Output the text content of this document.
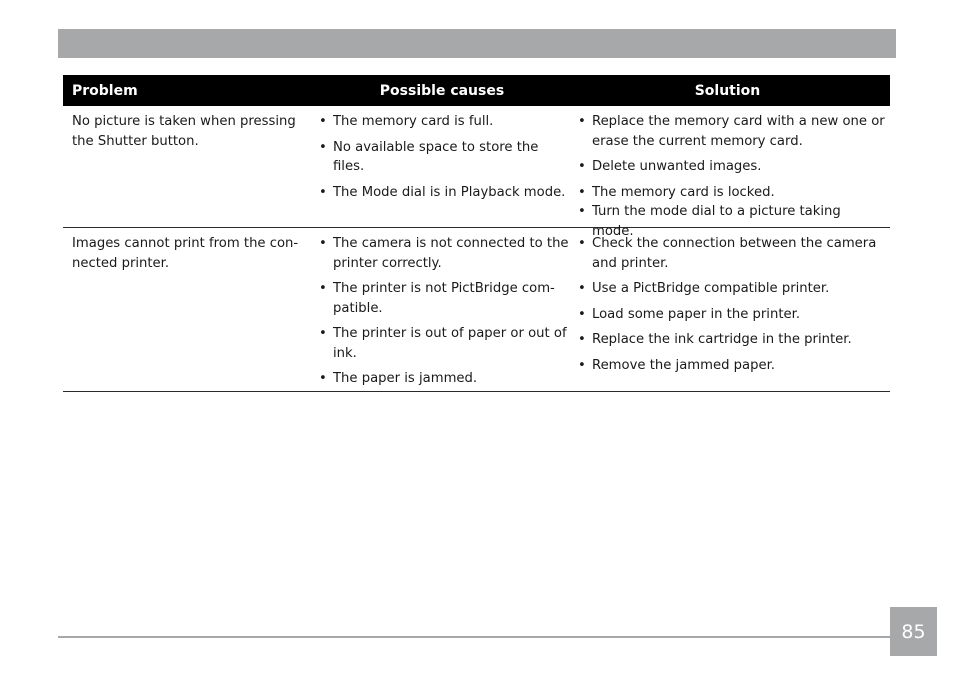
Problem	Possible causes	Solution
No picture is taken when pressing the Shutter button.
• The memory card is full.
• No available space to store the files.
• The Mode dial is in Playback mode.
• Replace the memory card with a new one or erase the current memory card.
• Delete unwanted images.
• The memory card is locked.
• Turn the mode dial to a picture taking mode.
Images cannot print from the con-nected printer.
• The camera is not connected to the printer correctly.
• The printer is not PictBridge com-patible.
• The printer is out of paper or out of ink.
• The paper is jammed.
• Check the connection between the camera and printer.
• Use a PictBridge compatible printer.
• Load some paper in the printer.
• Replace the ink cartridge in the printer.
• Remove the jammed paper.
85
